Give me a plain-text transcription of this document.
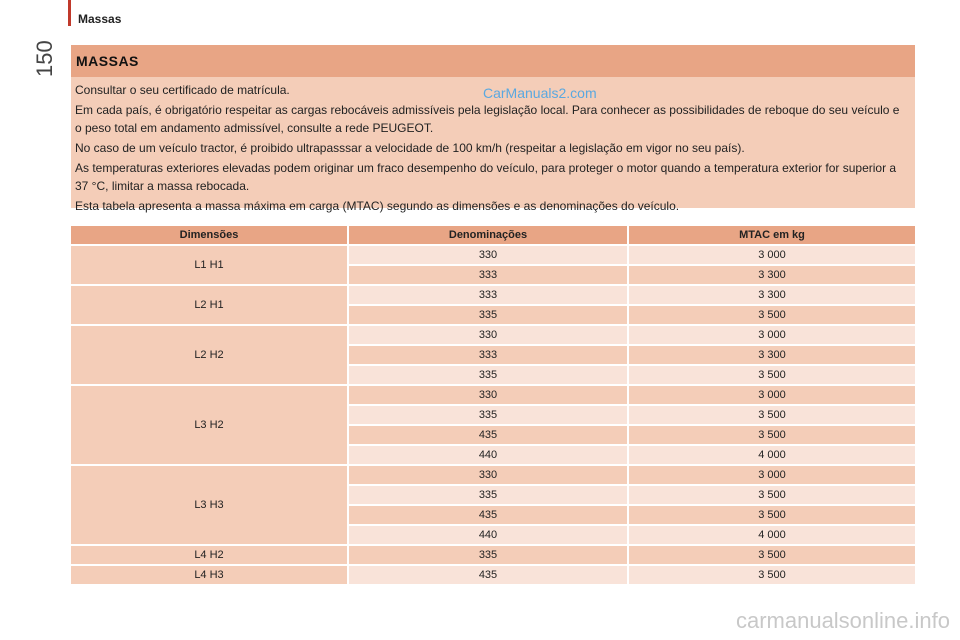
Massas
150 MASSAS

Consultar o seu certificado de matrícula.

Em cada país, é obrigatório respeitar as cargas rebocáveis admissíveis pela legislação local. Para conhecer as possibilidades de reboque do seu veículo e o peso total em andamento admissível, consulte a rede PEUGEOT.

No caso de um veículo tractor, é proibido ultrapasssar a velocidade de 100 km/h (respeitar a legislação em vigor no seu país).

As temperaturas exteriores elevadas podem originar um fraco desempenho do veículo, para proteger o motor quando a temperatura exterior for superior a 37 °C, limitar a massa rebocada.

Esta tabela apresenta a massa máxima em carga (MTAC) segundo as dimensões e as denominações do veículo.

CarManuals2.com
Dimensões	Denominações	MTAC em kg
L1 H1	330	3 000
	333	3 300
L2 H1	333	3 300
	335	3 500
L2 H2	330	3 000
	333	3 300
	335	3 500
L3 H2	330	3 000
	335	3 500
	435	3 500
	440	4 000
L3 H3	330	3 000
	335	3 500
	435	3 500
	440	4 000
L4 H2	335	3 500
L4 H3	435	3 500
carmanualsonline.info
